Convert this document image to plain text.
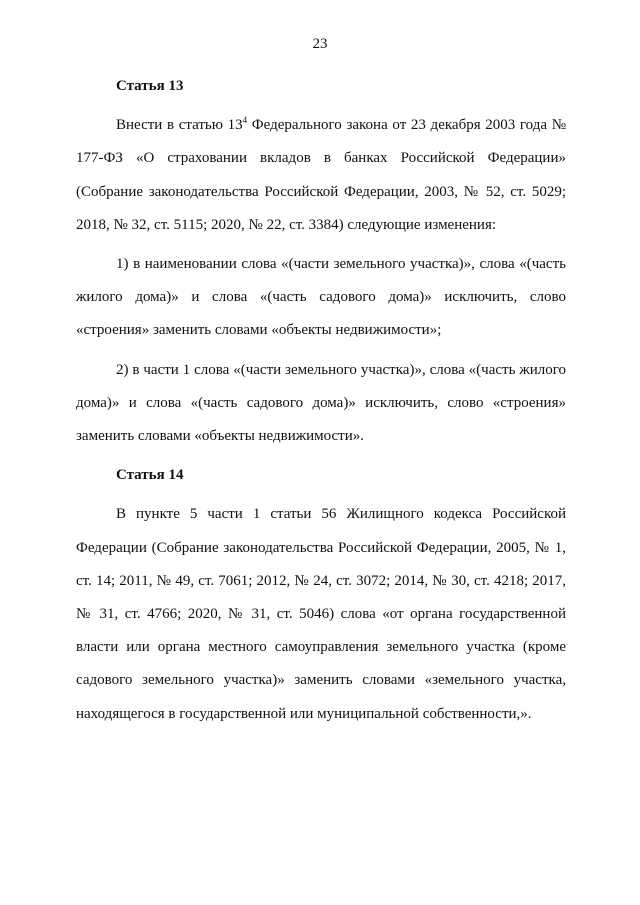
23

Статья 13

Внести в статью $13^4$ Федерального закона от 23 декабря 2003 года № 177-ФЗ «О страховании вкладов в банках Российской Федерации» (Собрание законодательства Российской Федерации, 2003, № 52, ст. 5029; 2018, № 32, ст. 5115; 2020, № 22, ст. 3384) следующие изменения:

1) в наименовании слова «(части земельного участка)», слова «(часть жилого дома)» и слова «(часть садового дома)» исключить, слово «строения» заменить словами «объекты недвижимости»;

2) в части 1 слова «(части земельного участка)», слова «(часть жилого дома)» и слова «(часть садового дома)» исключить, слово «строения» заменить словами «объекты недвижимости».

Статья 14

В пункте 5 части 1 статьи 56 Жилищного кодекса Российской Федерации (Собрание законодательства Российской Федерации, 2005, № 1, ст. 14; 2011, № 49, ст. 7061; 2012, № 24, ст. 3072; 2014, № 30, ст. 4218; 2017, № 31, ст. 4766; 2020, № 31, ст. 5046) слова «от органа государственной власти или органа местного самоуправления земельного участка (кроме садового земельного участка)» заменить словами «земельного участка, находящегося в государственной или муниципальной собственности,».
